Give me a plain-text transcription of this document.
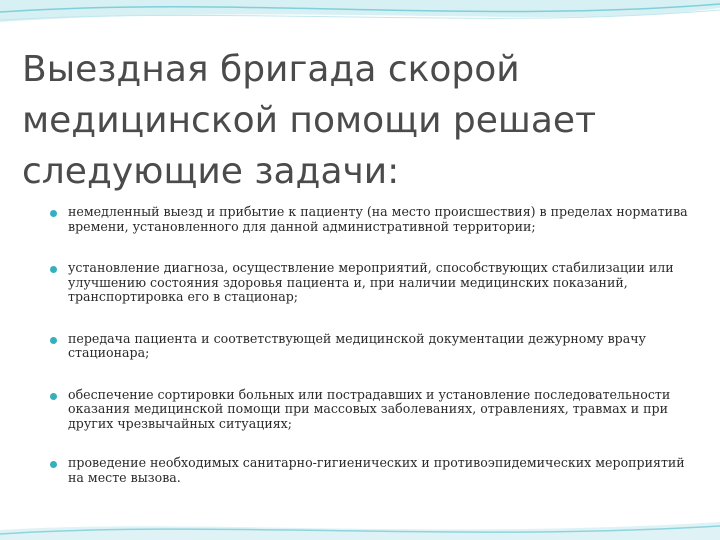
Выездная бригада скорой медицинской помощи решает следующие задачи:
немедленный выезд и прибытие к пациенту (на место происшествия) в пределах норматива времени, установленного для данной административной территории;
установление диагноза, осуществление мероприятий, способствующих стабилизации или улучшению состояния здоровья пациента и, при наличии медицинских показаний, транспортировка его в стационар;
передача пациента и соответствующей медицинской документации дежурному врачу стационара;
обеспечение сортировки больных или пострадавших и установление последовательности оказания медицинской помощи при массовых заболеваниях, отравлениях, травмах и при других чрезвычайных ситуациях;
проведение необходимых санитарно-гигиенических и противоэпидемических мероприятий на месте вызова.
